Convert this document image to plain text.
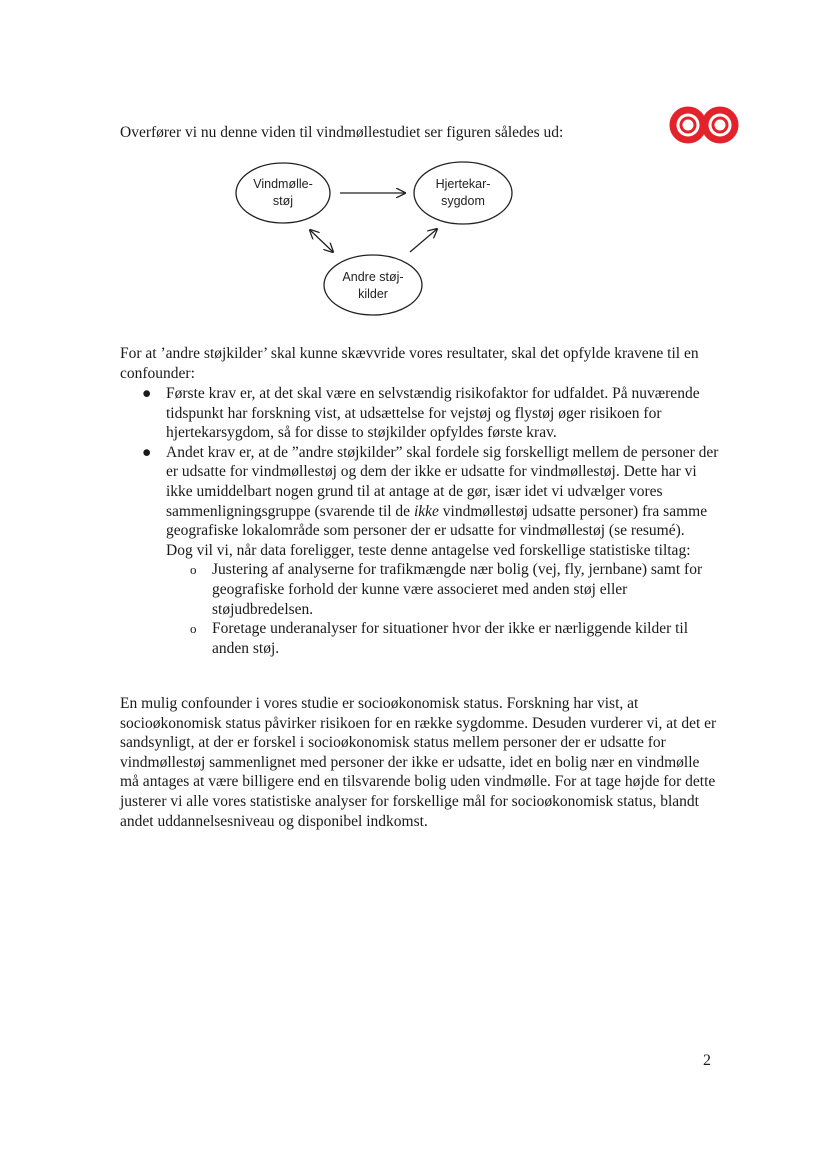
Overfører vi nu denne viden til vindmøllestudiet ser figuren således ud:
Vindmølle-
støj
Hjertekar-
sygdom
Andre støj-
kilder

For at ’andre støjkilder’ skal kunne skævvride vores resultater, skal det opfylde kravene til en confounder:

● Første krav er, at det skal være en selvstændig risikofaktor for udfaldet. På nuværende tidspunkt har forskning vist, at udsættelse for vejstøj og flystøj øger risikoen for hjertekarsygdom, så for disse to støjkilder opfyldes første krav.
● Andet krav er, at de ”andre støjkilder” skal fordele sig forskelligt mellem de personer der er udsatte for vindmøllestøj og dem der ikke er udsatte for vindmøllestøj. Dette har vi ikke umiddelbart nogen grund til at antage at de gør, især idet vi udvælger vores sammenligningsgruppe (svarende til de ikke vindmøllestøj udsatte personer) fra samme geografiske lokalområde som personer der er udsatte for vindmøllestøj (se resumé).
Dog vil vi, når data foreligger, teste denne antagelse ved forskellige statistiske tiltag:
o Justering af analyserne for trafikmængde nær bolig (vej, fly, jernbane) samt for geografiske forhold der kunne være associeret med anden støj eller støjudbredelsen.
o Foretage underanalyser for situationer hvor der ikke er nærliggende kilder til anden støj.

En mulig confounder i vores studie er socioøkonomisk status. Forskning har vist, at socioøkonomisk status påvirker risikoen for en række sygdomme. Desuden vurderer vi, at det er sandsynligt, at der er forskel i socioøkonomisk status mellem personer der er udsatte for vindmøllestøj sammenlignet med personer der ikke er udsatte, idet en bolig nær en vindmølle må antages at være billigere end en tilsvarende bolig uden vindmølle. For at tage højde for dette justerer vi alle vores statistiske analyser for forskellige mål for socioøkonomisk status, blandt andet uddannelsesniveau og disponibel indkomst.

2
